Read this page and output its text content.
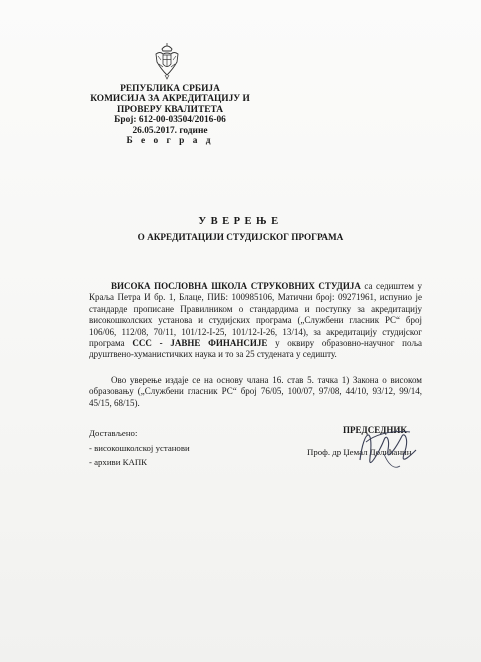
РЕПУБЛИКА СРБИЈА
КОМИСИЈА ЗА АКРЕДИТАЦИЈУ И
ПРОВЕРУ КВАЛИТЕТА
Број: 612-00-03504/2016-06
26.05.2017. године
Б е о г р а д
УВЕРЕЊЕ
О АКРЕДИТАЦИЈИ СТУДИЈСКОГ ПРОГРАМА
ВИСОКА ПОСЛОВНА ШКОЛА СТРУКОВНИХ СТУДИЈА са седиштем у Краља Петра И бр. 1, Блаце, ПИБ: 100985106, Матични број: 09271961, испунио је стандарде прописане Правилником о стандардима и поступку за акредитацију високошколских установа и студијских програма („Службени гласник РС“ број 106/06, 112/08, 70/11, 101/12-I-25, 101/12-I-26, 13/14), за акредитацију студијског програма ССС - ЈАВНЕ ФИНАНСИЈЕ у оквиру образовно-научног поља друштвено-хуманистичких наука и то за 25 студената у седишту.
Ово уверење издаје се на основу члана 16. став 5. тачка 1) Закона о високом образовању („Службени гласник РС“ број 76/05, 100/07, 97/08, 44/10, 93/12, 99/14, 45/15, 68/15).
Достављено:
- високошколској установи
- архиви КАПК
ПРЕДСЕДНИК
Проф. др Џемал Долићанин
